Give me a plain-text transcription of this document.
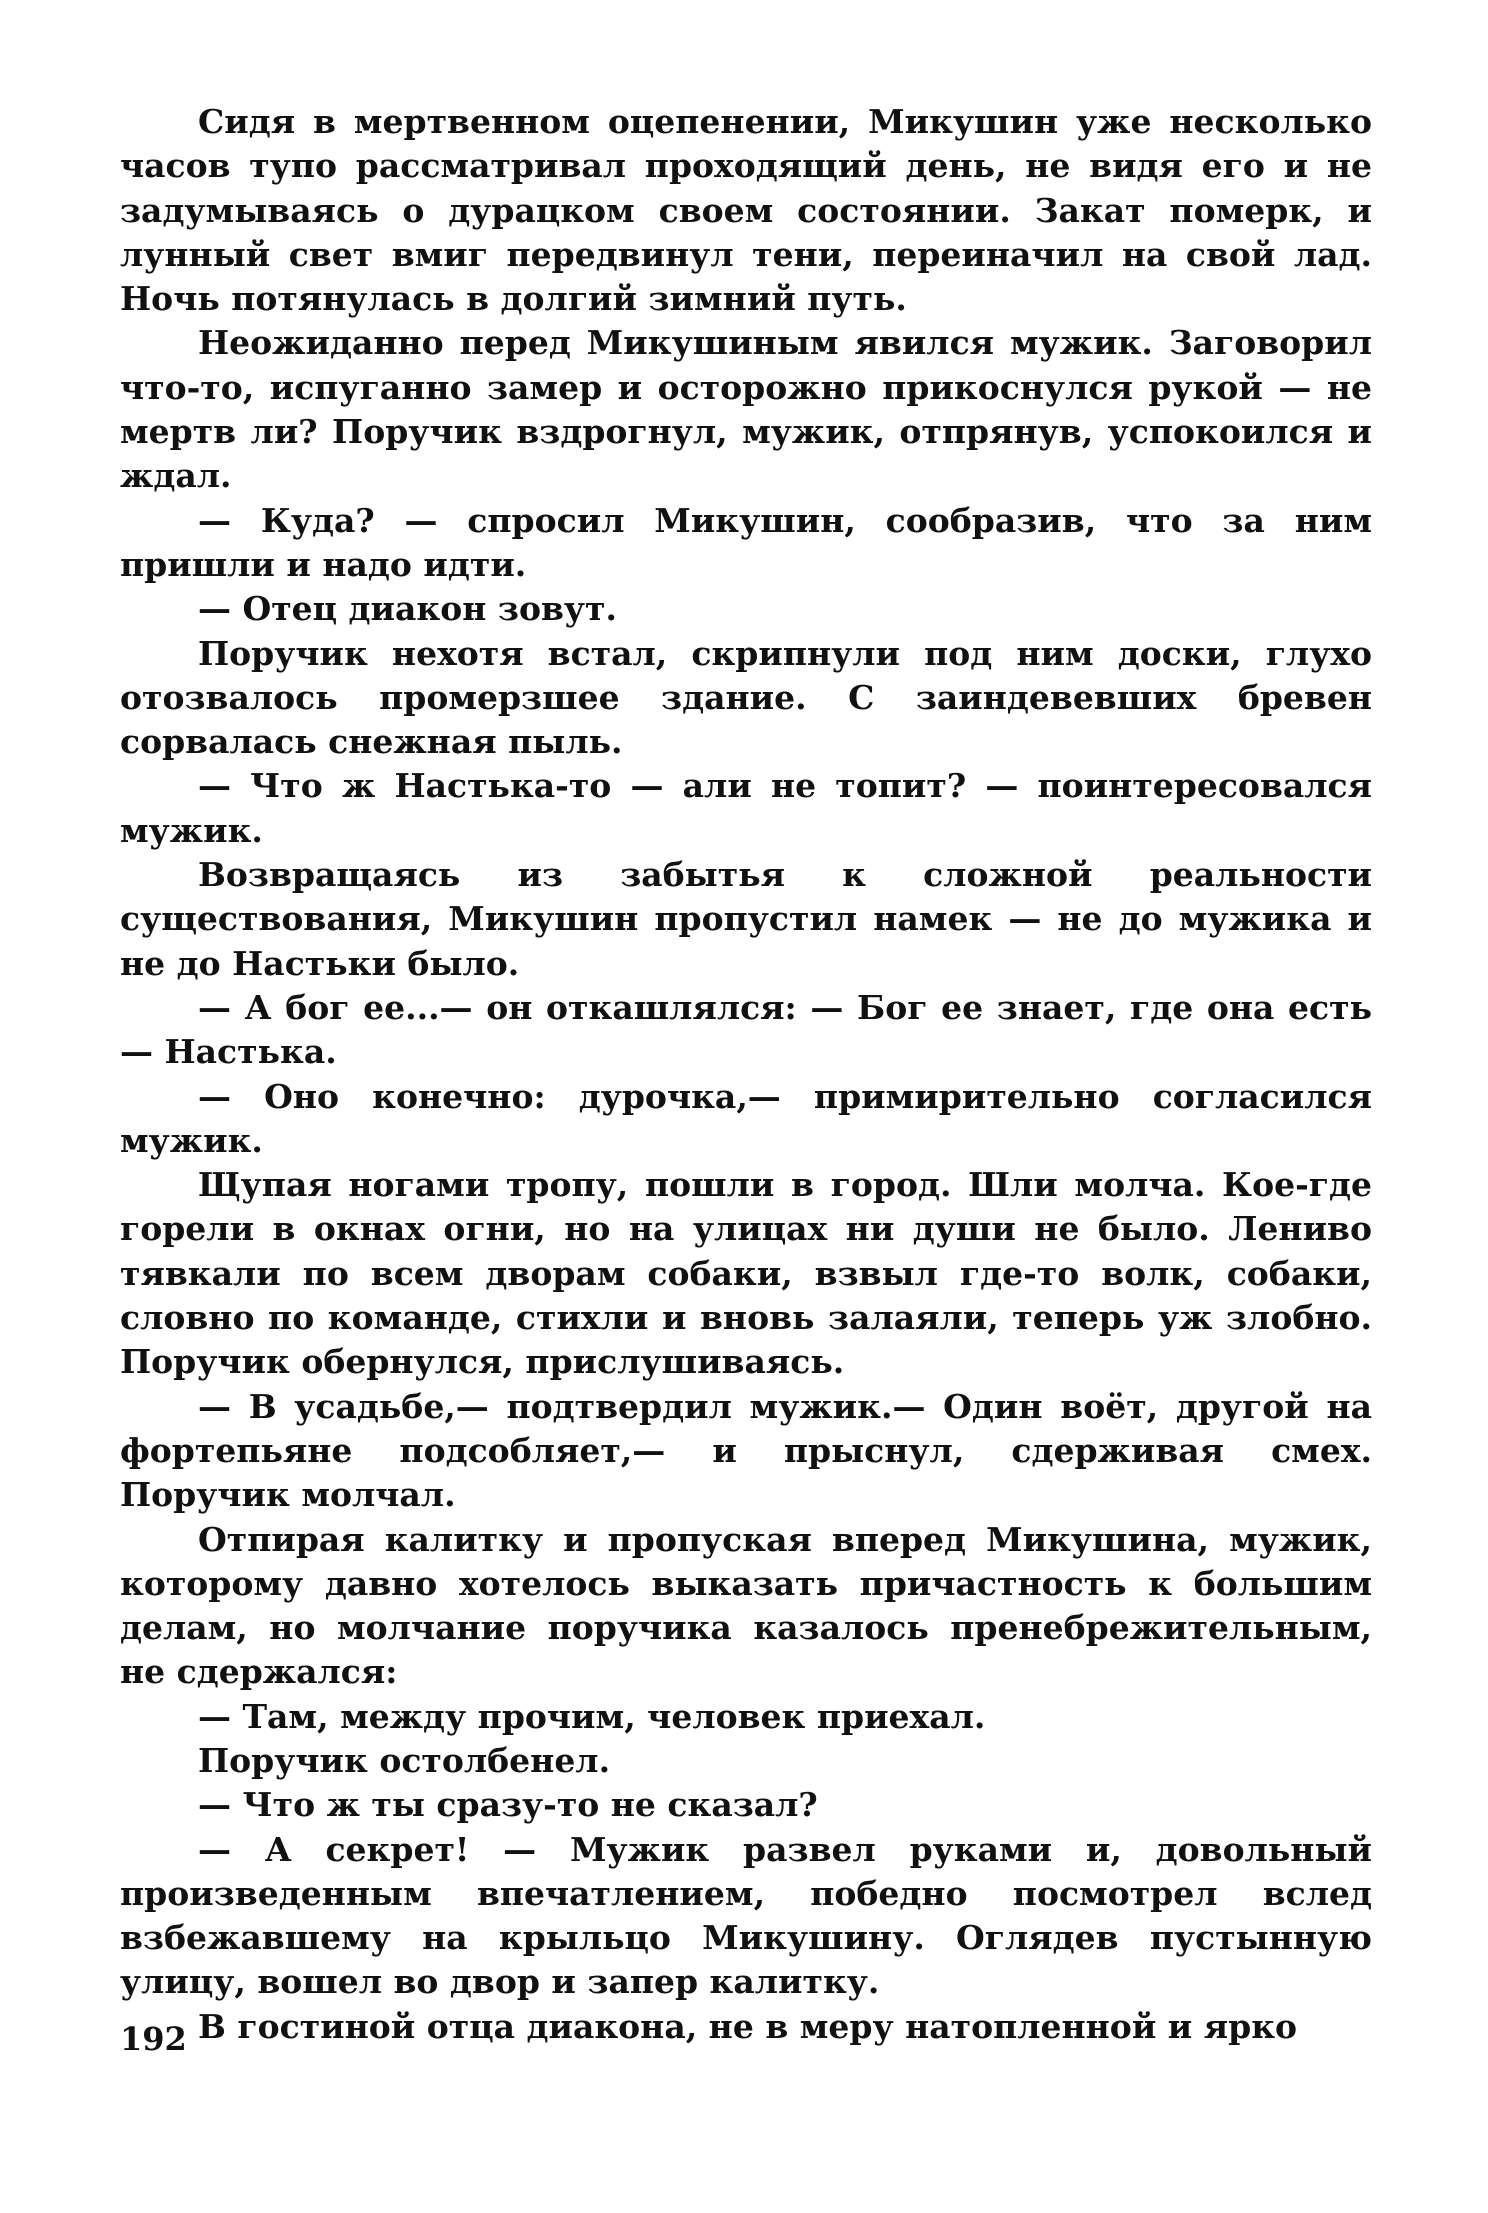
Сидя в мертвенном оцепенении, Микушин уже несколько часов тупо рассматривал проходящий день, не видя его и не задумываясь о дурацком своем состоянии. Закат померк, и лунный свет вмиг передвинул тени, переиначил на свой лад. Ночь потянулась в долгий зимний путь.

Неожиданно перед Микушиным явился мужик. Заговорил что-то, испуганно замер и осторожно прикоснулся рукой — не мертв ли? Поручик вздрогнул, мужик, отпрянув, успокоился и ждал.

— Куда? — спросил Микушин, сообразив, что за ним пришли и надо идти.

— Отец диакон зовут.

Поручик нехотя встал, скрипнули под ним доски, глухо отозвалось промерзшее здание. С заиндевевших бревен сорвалась снежная пыль.

— Что ж Настька-то — али не топит? — поинтересовался мужик.

Возвращаясь из забытья к сложной реальности существования, Микушин пропустил намек — не до мужика и не до Настьки было.

— А бог ее...— он откашлялся: — Бог ее знает, где она есть — Настька.

— Оно конечно: дурочка,— примирительно согласился мужик.

Щупая ногами тропу, пошли в город. Шли молча. Кое-где горели в окнах огни, но на улицах ни души не было. Лениво тявкали по всем дворам собаки, взвыл где-то волк, собаки, словно по команде, стихли и вновь залаяли, теперь уж злобно. Поручик обернулся, прислушиваясь.

— В усадьбе,— подтвердил мужик.— Один воёт, другой на фортепьяне подсобляет,— и прыснул, сдерживая смех. Поручик молчал.

Отпирая калитку и пропуская вперед Микушина, мужик, которому давно хотелось выказать причастность к большим делам, но молчание поручика казалось пренебрежительным, не сдержался:

— Там, между прочим, человек приехал.

Поручик остолбенел.

— Что ж ты сразу-то не сказал?

— А секрет! — Мужик развел руками и, довольный произведенным впечатлением, победно посмотрел вслед взбежавшему на крыльцо Микушину. Оглядев пустынную улицу, вошел во двор и запер калитку.

В гостиной отца диакона, не в меру натопленной и ярко

192
